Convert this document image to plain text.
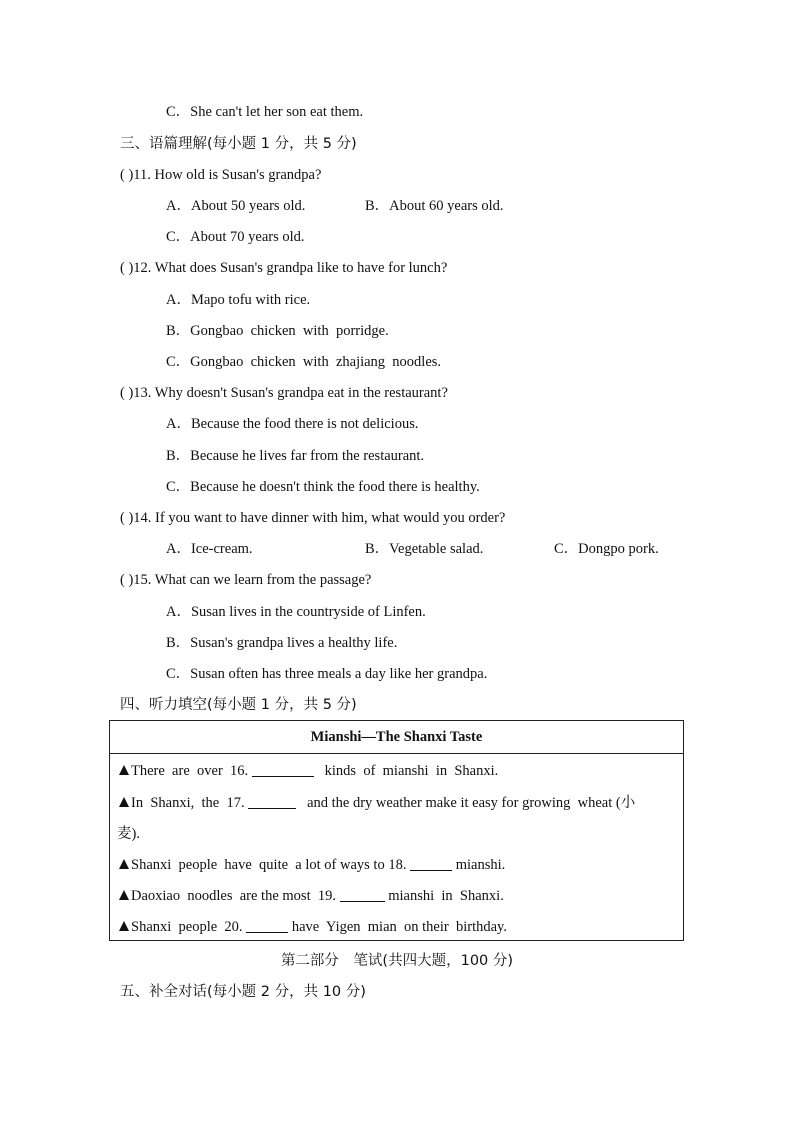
C．She can't let her son eat them.
三、语篇理解(每小题 1 分，共 5 分)
( )11. How old is Susan's grandpa?
A．About 50 years old.	B．About 60 years old.
C．About 70 years old.
( )12. What does Susan's grandpa like to have for lunch?
A．Mapo tofu with rice.
B．Gongbao  chicken  with  porridge.
C．Gongbao  chicken  with  zhajiang  noodles.
( )13. Why doesn't Susan's grandpa eat in the restaurant?
A．Because the food there is not delicious.
B．Because he lives far from the restaurant.
C．Because he doesn't think the food there is healthy.
( )14. If you want to have dinner with him, what would you order?
A．Ice-cream.	B．Vegetable salad.	C．Dongpo pork.
( )15. What can we learn from the passage?
A．Susan lives in the countryside of Linfen.
B．Susan's grandpa lives a healthy life.
C．Susan often has three meals a day like her grandpa.
四、听力填空(每小题 1 分，共 5 分)
Mianshi—The Shanxi Taste
There  are  over  16.	kinds  of  mianshi  in  Shanxi.
In  Shanxi,  the  17.	and the dry weather make it easy for growing  wheat (小
麦).
Shanxi  people  have  quite  a lot of ways to 18.	mianshi.
Daoxiao  noodles  are the most  19.	mianshi  in  Shanxi.
Shanxi  people  20.	have  Yigen  mian  on their  birthday.
第二部分　笔试(共四大题，100 分)
五、补全对话(每小题 2 分，共 10 分)
